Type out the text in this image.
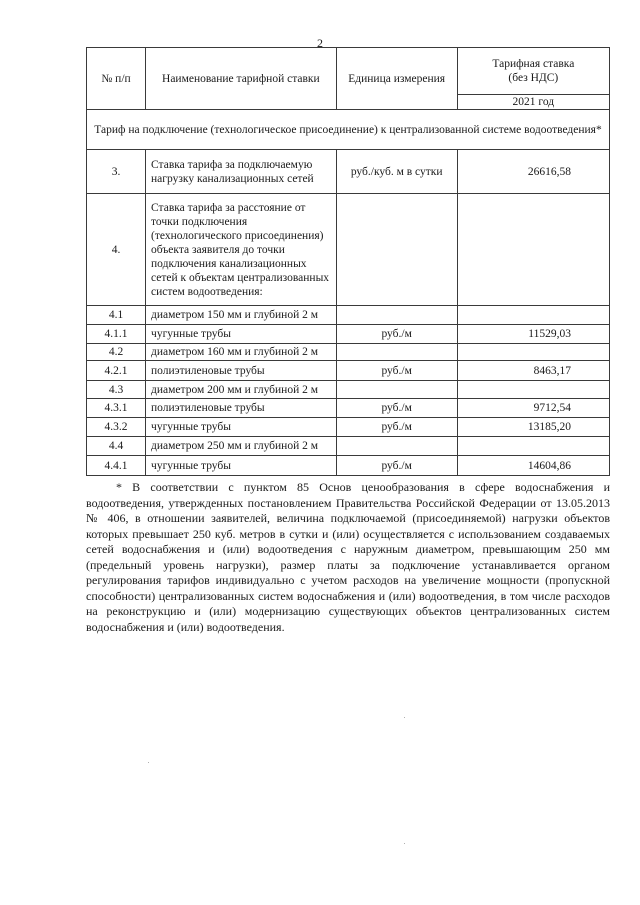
2
№ п/п	Наименование тарифной ставки	Единица измерения	Тарифная ставка
(без НДС)

			2021 год
Тариф на подключение (технологическое присоединение) к централизованной системе водоотведения*			
3.	Ставка тарифа за подключаемую нагрузку канализационных сетей	руб./куб. м в сутки	26616,58
4.	Ставка тарифа за расстояние от точки подключения (технологического присоединения) объекта заявителя до точки подключения канализационных сетей к объектам централизованных систем водоотведения:		
4.1	диаметром 150 мм и глубиной 2 м		
4.1.1	чугунные трубы	руб./м	11529,03
4.2	диаметром 160 мм и глубиной 2 м		
4.2.1	полиэтиленовые трубы	руб./м	8463,17
4.3	диаметром 200 мм и глубиной 2 м		
4.3.1	полиэтиленовые трубы	руб./м	9712,54
4.3.2	чугунные трубы	руб./м	13185,20
4.4	диаметром 250 мм и глубиной 2 м		
4.4.1	чугунные трубы	руб./м	14604,86

* В соответствии с пунктом 85 Основ ценообразования в сфере водоснабжения и водоотведения, утвержденных постановлением Правительства Российской Федерации от 13.05.2013 № 406, в отношении заявителей, величина подключаемой (присоединяемой) нагрузки объектов которых превышает 250 куб. метров в сутки и (или) осуществляется с использованием создаваемых сетей водоснабжения и (или) водоотведения с наружным диаметром, превышающим 250 мм (предельный уровень нагрузки), размер платы за подключение устанавливается органом регулирования тарифов индивидуально с учетом расходов на увеличение мощности (пропускной способности) централизованных систем водоснабжения и (или) водоотведения, в том числе расходов на реконструкцию и (или) модернизацию существующих объектов централизованных систем водоснабжения и (или) водоотведения.
